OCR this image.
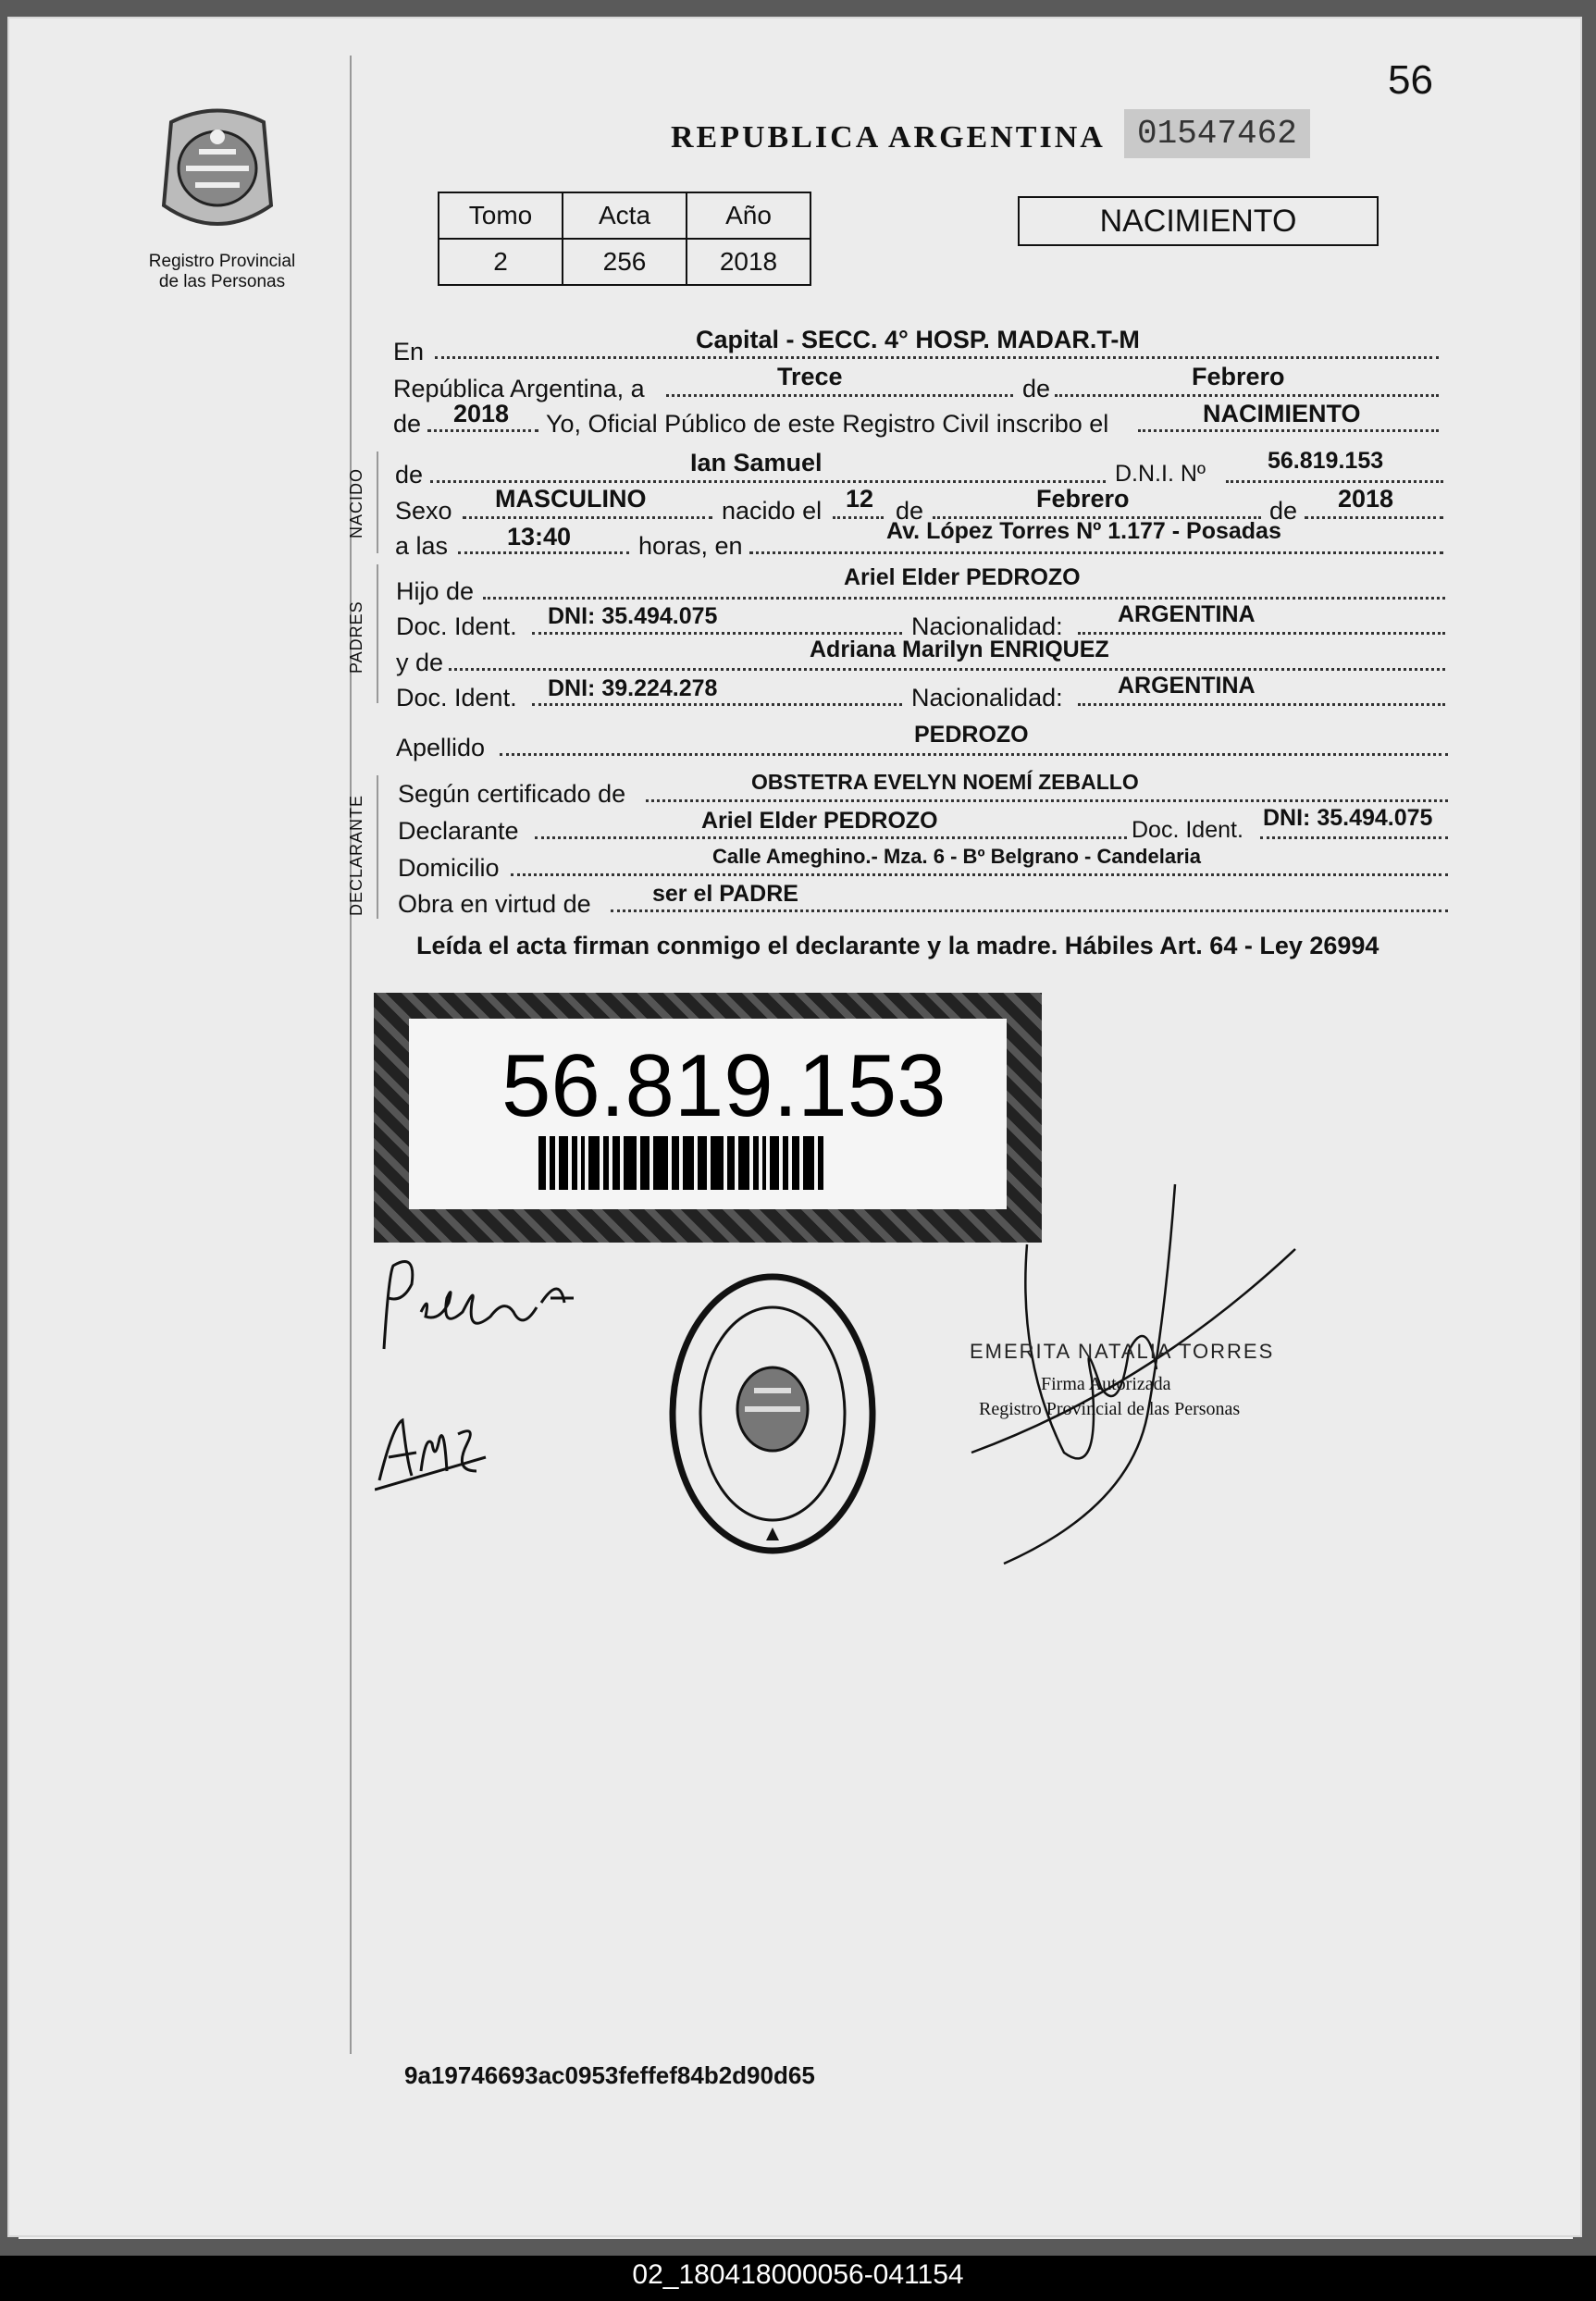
56
Registro Provincial
de las Personas
REPUBLICA ARGENTINA 01547462
Tomo	Acta	Año
2	256	2018
NACIMIENTO
En	Capital - SECC. 4° HOSP. MADAR.T-M
República Argentina, a	Trece	de	Febrero
de 2018 Yo, Oficial Público de este Registro Civil inscribo el	NACIMIENTO
NACIDO de	Ian Samuel	D.N.I. Nº	56.819.153
Sexo MASCULINO	nacido el 12 de	Febrero	de 2018
a las 13:40	horas, en
Av. López Torres Nº 1.177 - Posadas
PADRES
Hijo de	Ariel Elder PEDROZO
Doc. Ident. DNI: 35.494.075	Nacionalidad: ARGENTINA
y de	Adriana Marilyn ENRIQUEZ
Doc. Ident. DNI: 39.224.278	Nacionalidad: ARGENTINA
Apellido	PEDROZO
DECLARANTE
Según certificado de	OBSTETRA EVELYN NOEMÍ ZEBALLO
Declarante	Ariel Elder PEDROZO	Doc. Ident. DNI: 35.494.075
Domicilio	Calle Ameghino.- Mza. 6 - Bº Belgrano - Candelaria
Obra en virtud de	ser el PADRE
Leída el acta firman conmigo el declarante y la madre. Hábiles Art. 64 - Ley 26994
56.819.153
EMERITA NATALIA TORRES
Firma Autorizada
Registro Provincial de las Personas
9a19746693ac0953feffef84b2d90d65
02_180418000056-041154
